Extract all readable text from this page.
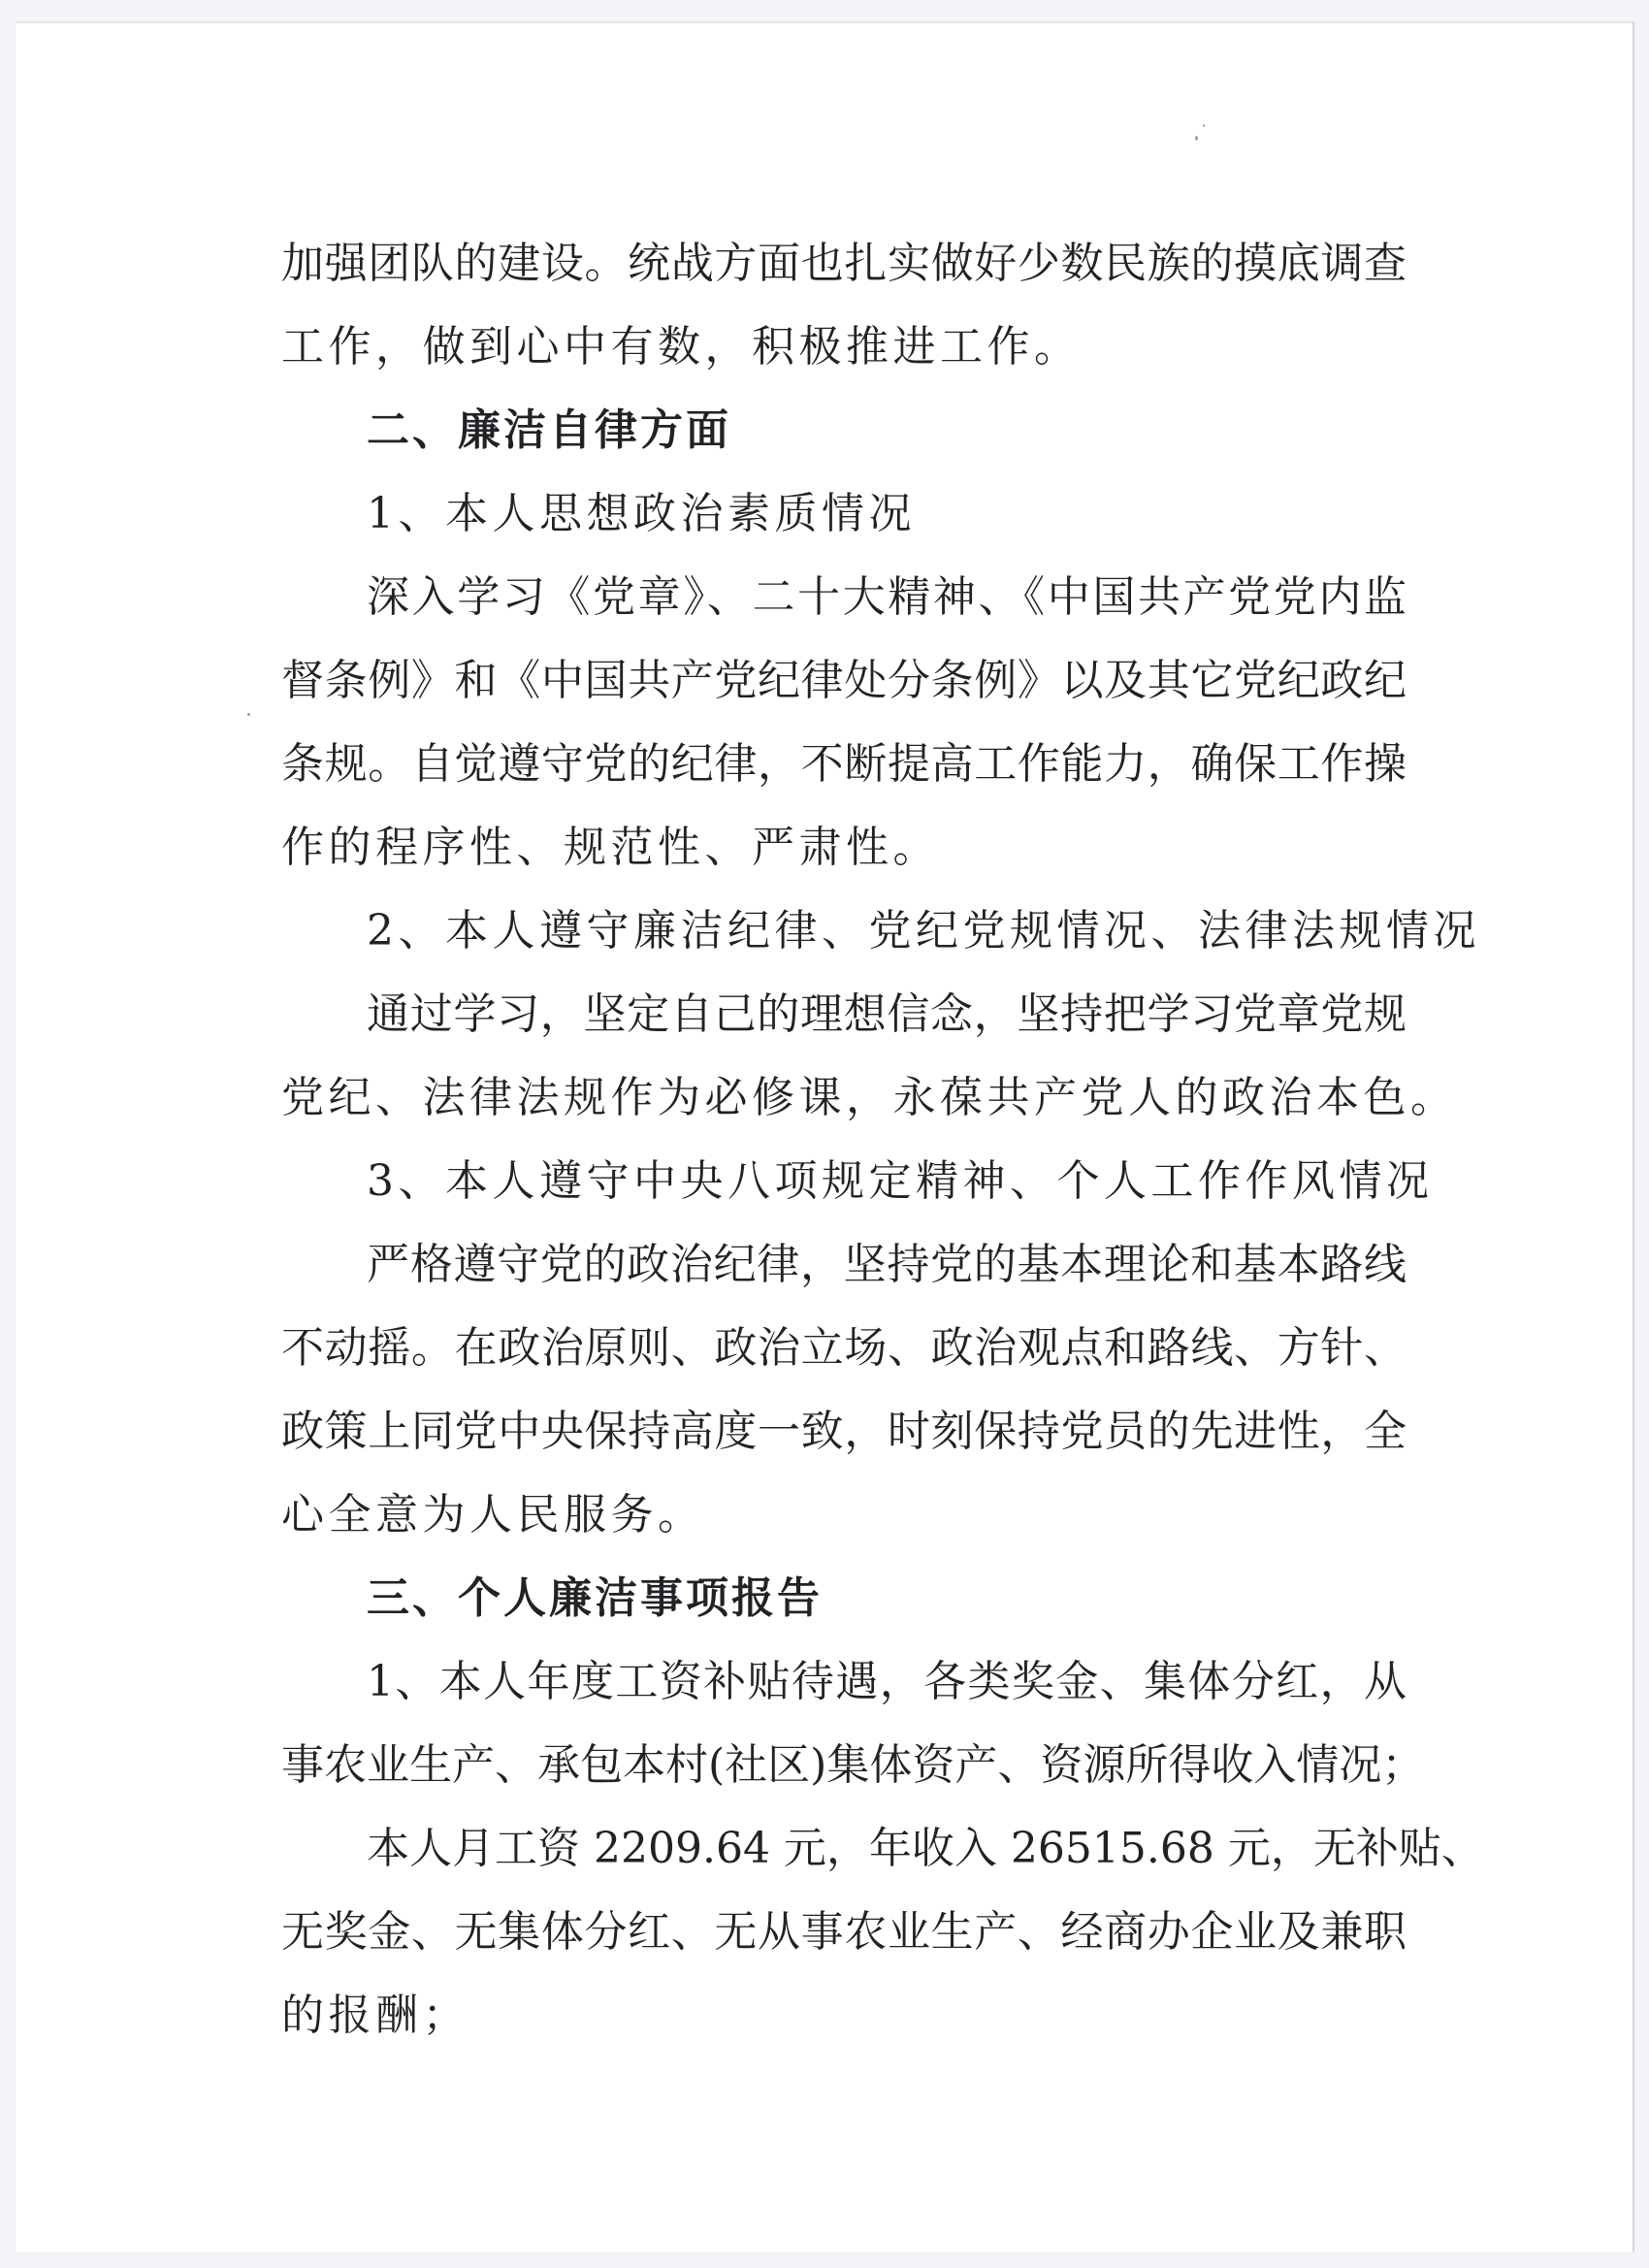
加强团队的建设。统战方面也扎实做好少数民族的摸底调查
工作，做到心中有数，积极推进工作。
二、廉洁自律方面
1、本人思想政治素质情况
深入学习《党章》、二十大精神、《中国共产党党内监
督条例》和《中国共产党纪律处分条例》以及其它党纪政纪
条规。自觉遵守党的纪律，不断提高工作能力，确保工作操
作的程序性、规范性、严肃性。
2、本人遵守廉洁纪律、党纪党规情况、法律法规情况
通过学习，坚定自己的理想信念，坚持把学习党章党规
党纪、法律法规作为必修课，永葆共产党人的政治本色。
3、本人遵守中央八项规定精神、个人工作作风情况
严格遵守党的政治纪律，坚持党的基本理论和基本路线
不动摇。在政治原则、政治立场、政治观点和路线、方针、
政策上同党中央保持高度一致，时刻保持党员的先进性，全
心全意为人民服务。
三、个人廉洁事项报告
1、本人年度工资补贴待遇，各类奖金、集体分红，从
事农业生产、承包本村(社区)集体资产、资源所得收入情况；
本人月工资 2209.64 元，年收入 26515.68 元，无补贴、
无奖金、无集体分红、无从事农业生产、经商办企业及兼职
的报酬；
